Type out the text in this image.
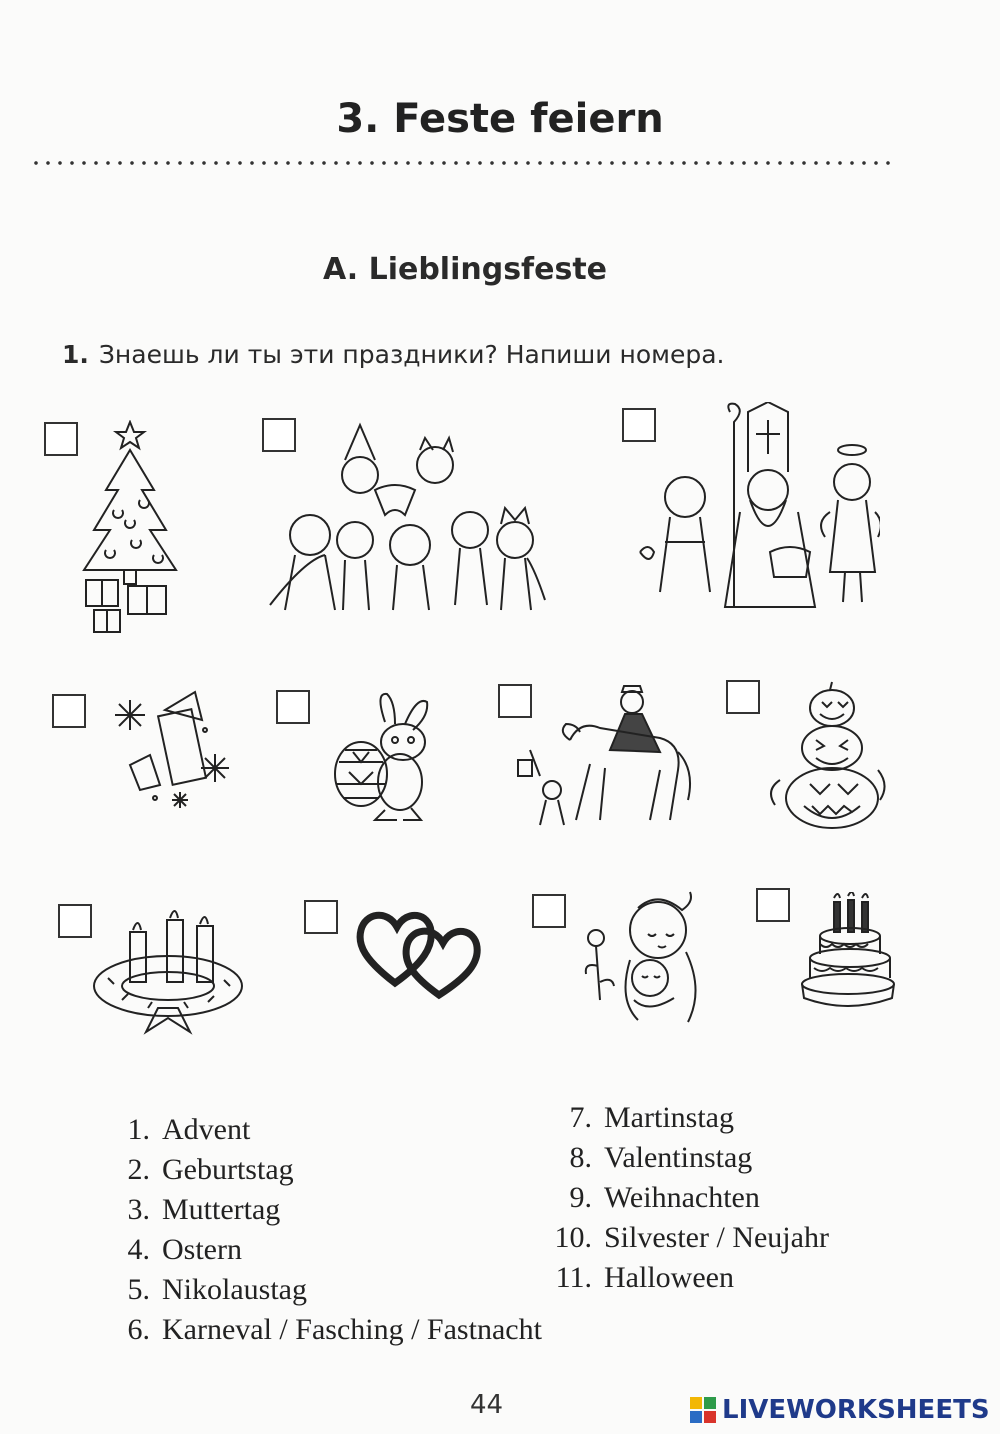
3. Feste feiern
A. Lieblingsfeste
1. Знаешь ли ты эти праздники? Напиши номера.
1. Advent
2. Geburtstag
3. Muttertag
4. Ostern
5. Nikolaustag
6. Karneval / Fasching / Fastnacht
7. Martinstag
8. Valentinstag
9. Weihnachten
10. Silvester / Neujahr
11. Halloween
44	LIVEWORKSHEETS
